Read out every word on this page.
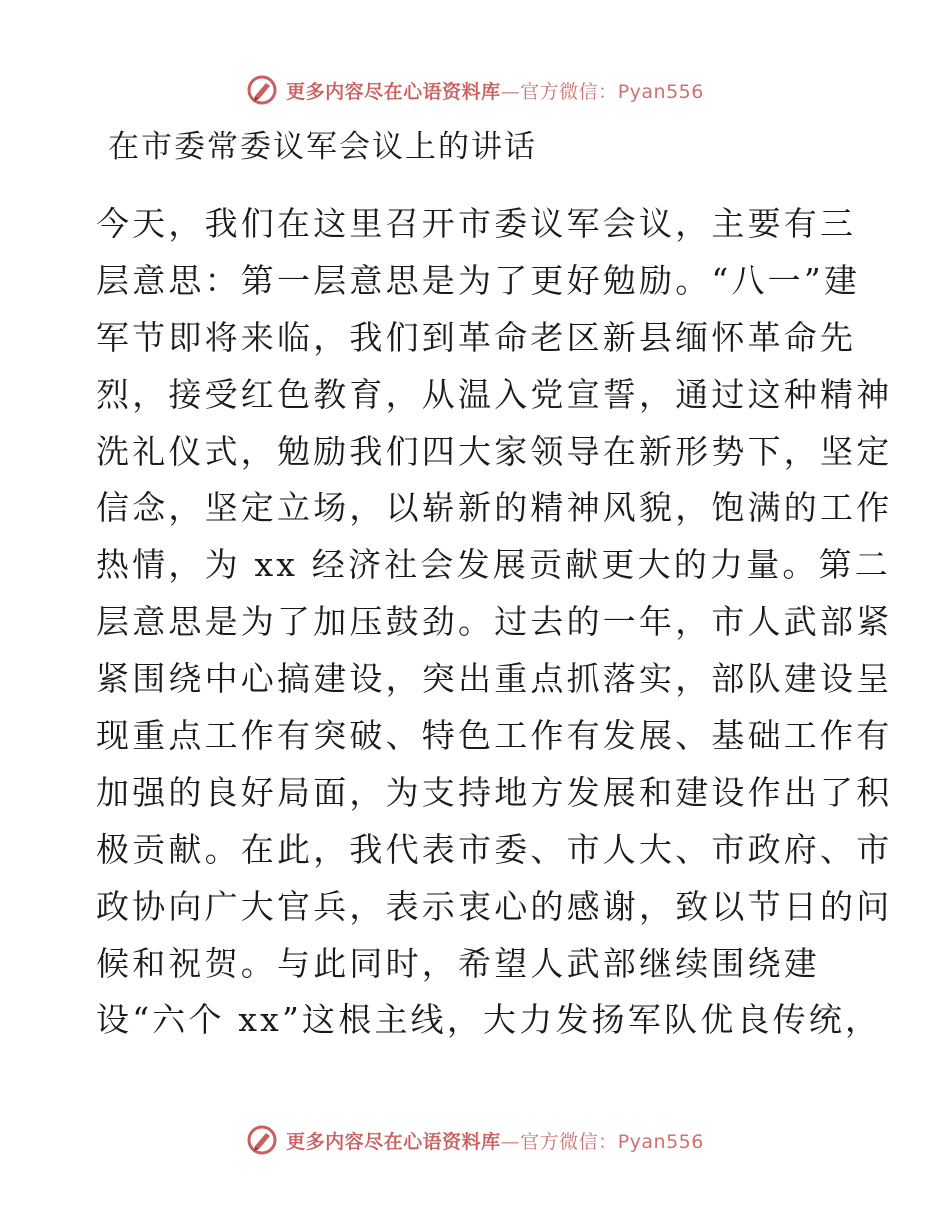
更多内容尽在心语资料库—官方微信：Pyan556
在市委常委议军会议上的讲话
今天，我们在这里召开市委议军会议，主要有三
层意思：第一层意思是为了更好勉励。“八一”建
军节即将来临，我们到革命老区新县缅怀革命先
烈，接受红色教育，从温入党宣誓，通过这种精神
洗礼仪式，勉励我们四大家领导在新形势下，坚定
信念，坚定立场，以崭新的精神风貌，饱满的工作
热情，为 xx 经济社会发展贡献更大的力量。第二
层意思是为了加压鼓劲。过去的一年，市人武部紧
紧围绕中心搞建设，突出重点抓落实，部队建设呈
现重点工作有突破、特色工作有发展、基础工作有
加强的良好局面，为支持地方发展和建设作出了积
极贡献。在此，我代表市委、市人大、市政府、市
政协向广大官兵，表示衷心的感谢，致以节日的问
候和祝贺。与此同时，希望人武部继续围绕建
设“六个 xx”这根主线，大力发扬军队优良传统，
更多内容尽在心语资料库—官方微信：Pyan556
